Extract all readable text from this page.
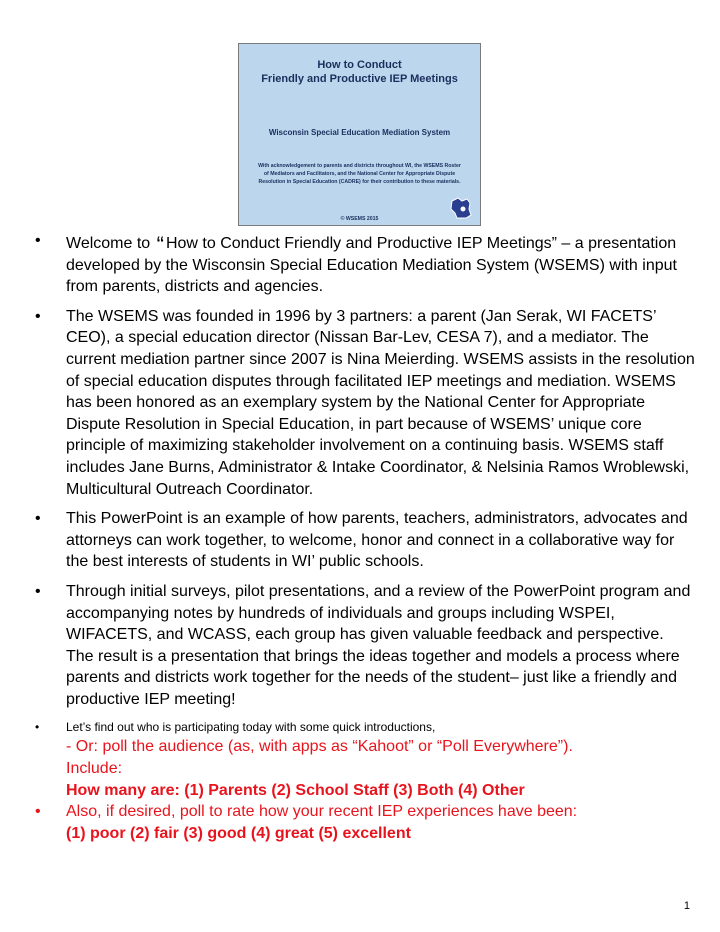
How to Conduct
Friendly and Productive IEP Meetings
Wisconsin Special Education Mediation System
With acknowledgement to parents and districts throughout WI, the WSEMS Roster of Mediators and Facilitators, and the National Center for Appropriate Dispute Resolution in Special Education (CADRE) for their contribution to these materials.
© WSEMS 2015
•	Welcome to “ How to Conduct Friendly and Productive IEP Meetings” – a presentation developed by the Wisconsin Special Education Mediation System (WSEMS) with input from parents, districts and agencies.
•	The WSEMS was founded in 1996 by 3 partners: a parent (Jan Serak, WI FACETS’ CEO), a special education director (Nissan Bar-Lev, CESA 7), and a mediator. The current mediation partner since 2007 is Nina Meierding. WSEMS assists in the resolution of special education disputes through facilitated IEP meetings and mediation. WSEMS has been honored as an exemplary system by the National Center for Appropriate Dispute Resolution in Special Education, in part because of WSEMS’ unique core principle of maximizing stakeholder involvement on a continuing basis. WSEMS staff includes Jane Burns, Administrator & Intake Coordinator, & Nelsinia Ramos Wroblewski, Multicultural Outreach Coordinator.
•	This PowerPoint is an example of how parents, teachers, administrators, advocates and attorneys can work together, to welcome, honor and connect in a collaborative way for the best interests of students in WI’ public schools.
•	Through initial surveys, pilot presentations, and a review of the PowerPoint program and accompanying notes by hundreds of individuals and groups including WSPEI, WIFACETS, and WCASS, each group has given valuable feedback and perspective. The result is a presentation that brings the ideas together and models a process where parents and districts work together for the needs of the student– just like a friendly and productive IEP meeting!
•	Let’s find out who is participating today with some quick introductions,
- Or: poll the audience (as, with apps as “Kahoot” or “Poll Everywhere”).
Include:
How many are: (1) Parents (2) School Staff (3) Both (4) Other
•	Also, if desired, poll to rate how your recent IEP experiences have been:
(1) poor (2) fair (3) good (4) great (5) excellent
1
